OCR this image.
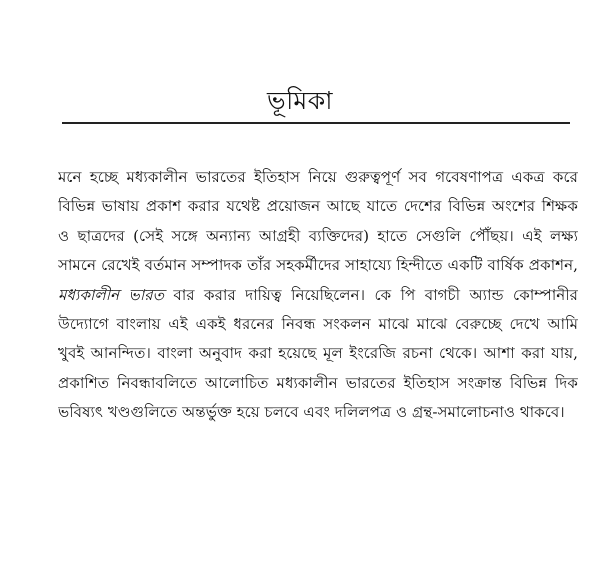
ভূমিকা
মনে হচ্ছে মধ্যকালীন ভারতের ইতিহাস নিয়ে গুরুত্বপূর্ণ সব গবেষণাপত্র একত্র করে
বিভিন্ন ভাষায় প্রকাশ করার যথেষ্ট প্রয়োজন আছে যাতে দেশের বিভিন্ন অংশের শিক্ষক
ও ছাত্রদের (সেই সঙ্গে অন্যান্য আগ্রহী ব্যক্তিদের) হাতে সেগুলি পৌঁছয়। এই লক্ষ্য
সামনে রেখেই বর্তমান সম্পাদক তাঁর সহকর্মীদের সাহায্যে হিন্দীতে একটি বার্ষিক প্রকাশন,
মধ্যকালীন ভারত বার করার দায়িত্ব নিয়েছিলেন। কে পি বাগচী অ্যান্ড কোম্পানীর
উদ্যোগে বাংলায় এই একই ধরনের নিবন্ধ সংকলন মাঝে মাঝে বেরুচ্ছে দেখে আমি
খুবই আনন্দিত। বাংলা অনুবাদ করা হয়েছে মূল ইংরেজি রচনা থেকে। আশা করা যায়,
প্রকাশিত নিবন্ধাবলিতে আলোচিত মধ্যকালীন ভারতের ইতিহাস সংক্রান্ত বিভিন্ন দিক
ভবিষ্যৎ খণ্ডগুলিতে অন্তর্ভুক্ত হয়ে চলবে এবং দলিলপত্র ও গ্রন্থ-সমালোচনাও থাকবে।
